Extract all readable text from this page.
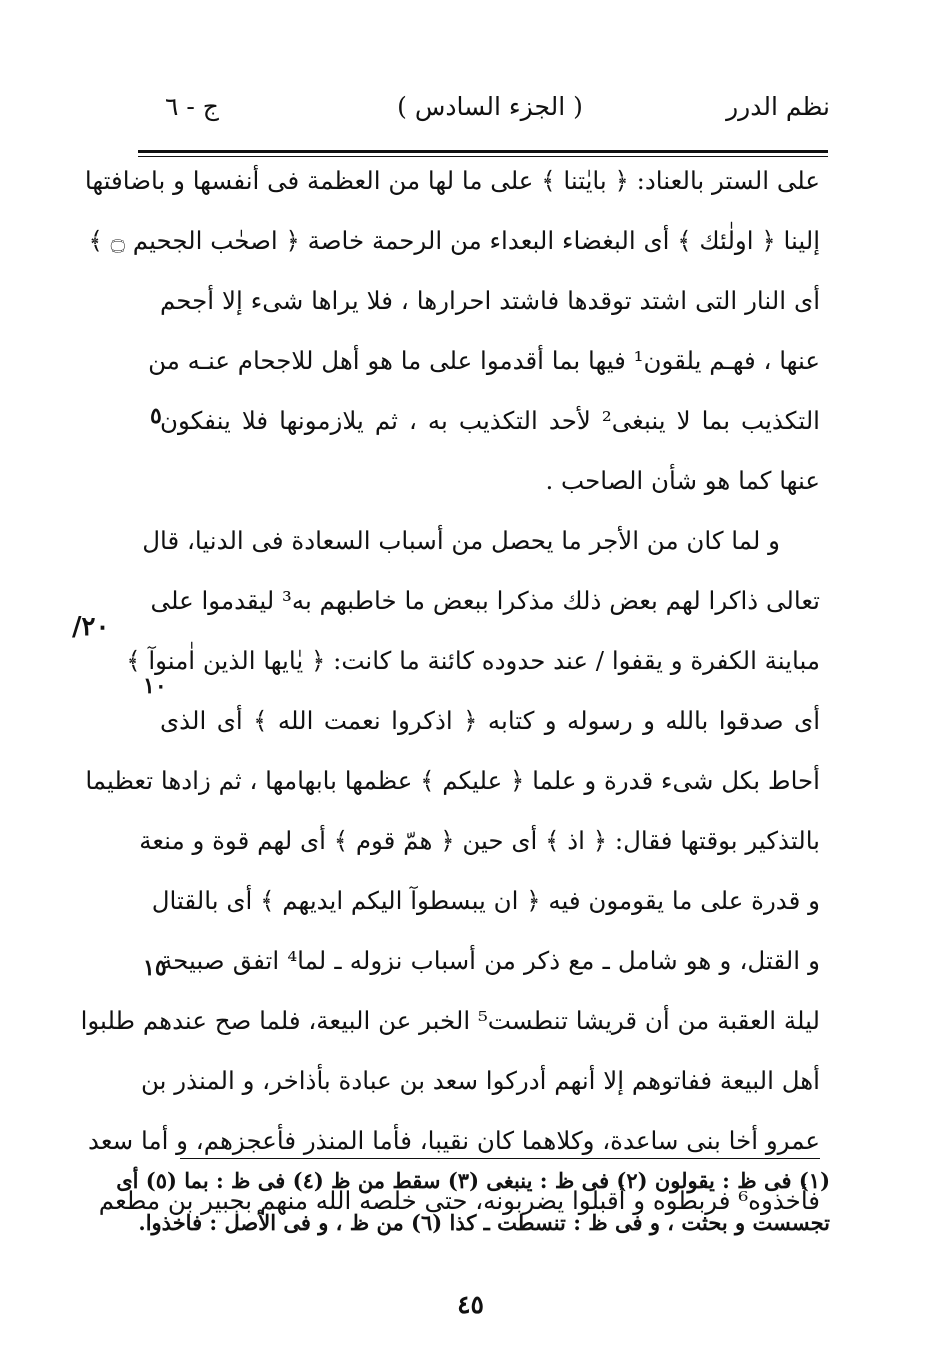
نظم الدرر
( الجزء السادس )
ج - ٦
على الستر بالعناد: ﴿ بايٰتنا ﴾ على ما لها من العظمة فى أنفسها و باضافتها
إلينا ﴿ اولٰئك ﴾ أى البغضاء البعداء من الرحمة خاصة ﴿ اصحٰب الجحيم ۝ ﴾
أى النار التى اشتد توقدها فاشتد احرارها ، فلا يراها شىء إلا أجحم
عنها ، فهـم يلقون¹ فيها بما أقدموا على ما هو أهل للاجحام عنـه من
التكذيب بما لا ينبغى² لأحد التكذيب به ، ثم يلازمونها فلا ينفكون
عنها كما هو شأن الصاحب .
و لما كان من الأجر ما يحصل من أسباب السعادة فى الدنيا، قال
تعالى ذاكرا لهم بعض ذلك مذكرا ببعض ما خاطبهم به³ ليقدموا على
مباينة الكفرة و يقفوا / عند حدوده كائنة ما كانت: ﴿ يٰايها الذين اٰمنوآ ﴾
أى صدقوا بالله و رسوله و كتابه ﴿ اذكروا نعمت الله ﴾ أى الذى
أحاط بكل شىء قدرة و علما ﴿ عليكم ﴾ عظمها بابهامها ، ثم زادها تعظيما
بالتذكير بوقتها فقال: ﴿ اذ ﴾ أى حين ﴿ همّ قوم ﴾ أى لهم قوة و منعة
و قدرة على ما يقومون فيه ﴿ ان يبسطوآ اليكم ايديهم ﴾ أى بالقتال
و القتل، و هو شامل ـ مع ذكر من أسباب نزوله ـ لما⁴ اتفق صبيحة
ليلة العقبة من أن قريشا تنطست⁵ الخبر عن البيعة، فلما صح عندهم طلبوا
أهل البيعة ففاتوهم إلا أنهم أدركوا سعد بن عبادة بأذاخر، و المنذر بن
عمرو أخا بنى ساعدة، وكلاهما كان نقيبا، فأما المنذر فأعجزهم، و أما سعد
فأخذوه⁶ فربطوه و أقبلوا يضربونه، حتى خلصه الله منهم بجبير بن مطعم
٥
١٠
١٥
٢٠/
(١) فى ظ : يقولون (٢) فى ظ : ينبغى (٣) سقط من ظ (٤) فى ظ : بما (٥) أى
تجسست و بحثت ، و فى ظ : تنسطت ـ كذا (٦) من ظ ، و فى الأصل : فاخذوا.
٤٥
